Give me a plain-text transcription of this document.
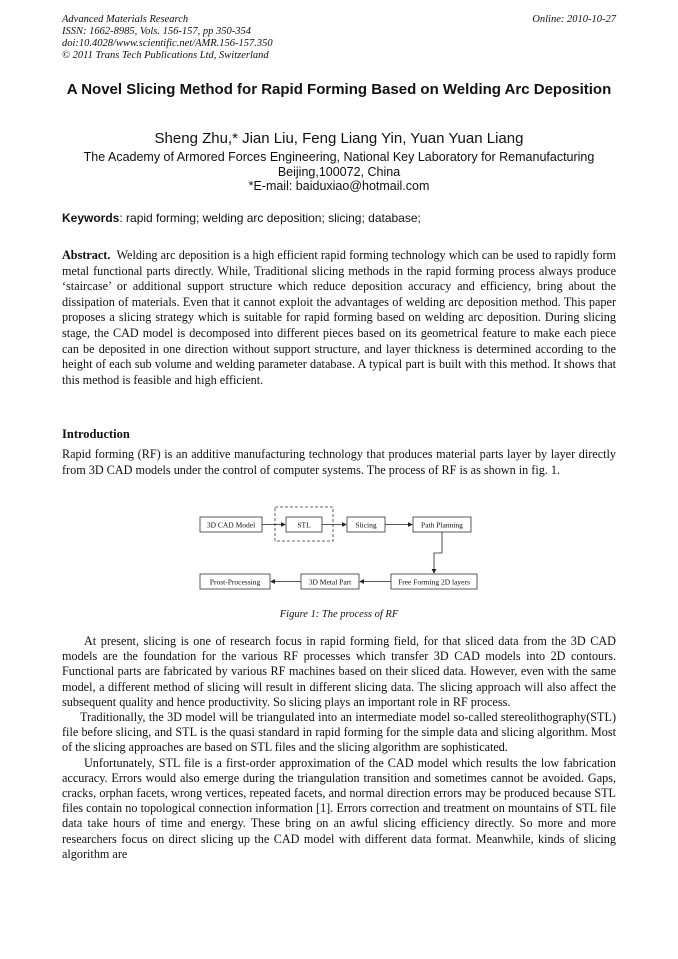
Advanced Materials Research
ISSN: 1662-8985, Vols. 156-157, pp 350-354
doi:10.4028/www.scientific.net/AMR.156-157.350
© 2011 Trans Tech Publications Ltd, Switzerland
Online: 2010-10-27
A Novel Slicing Method for Rapid Forming Based on Welding Arc Deposition
Sheng Zhu,* Jian Liu, Feng Liang Yin, Yuan Yuan Liang
The Academy of Armored Forces Engineering, National Key Laboratory for Remanufacturing
Beijing,100072, China
*E-mail: baiduxiao@hotmail.com
Keywords: rapid forming; welding arc deposition; slicing; database;
Abstract. Welding arc deposition is a high efficient rapid forming technology which can be used to rapidly form metal functional parts directly. While, Traditional slicing methods in the rapid forming process always produce ‘staircase’ or additional support structure which reduce deposition accuracy and efficiency, bring about the dissipation of materials. Even that it cannot exploit the advantages of welding arc deposition method. This paper proposes a slicing strategy which is suitable for rapid forming based on welding arc deposition. During slicing stage, the CAD model is decomposed into different pieces based on its geometrical feature to make each piece can be deposited in one direction without support structure, and layer thickness is determined according to the height of each sub volume and welding parameter database. A typical part is built with this method. It shows that this method is feasible and high efficient.
Introduction
Rapid forming (RF) is an additive manufacturing technology that produces material parts layer by layer directly from 3D CAD models under the control of computer systems. The process of RF is as shown in fig. 1.
3D CAD Model	STL	Slicing	Path Planning
Free Forming 2D layers
3D Metal Part
Prost-Processing
Figure 1: The process of RF

At present, slicing is one of research focus in rapid forming field, for that sliced data from the 3D CAD models are the foundation for the various RF processes which transfer 3D CAD models into 2D contours. Functional parts are fabricated by various RF machines based on their sliced data. However, even with the same model, a different method of slicing will result in different slicing data. The slicing approach will also affect the subsequent quality and hence productivity. So slicing plays an important role in RF process.

Traditionally, the 3D model will be triangulated into an intermediate model so-called stereolithography(STL) file before slicing, and STL is the quasi standard in rapid forming for the simple data and slicing algorithm. Most of the slicing approaches are based on STL files and the slicing algorithm are sophisticated.

Unfortunately, STL file is a first-order approximation of the CAD model which results the low fabrication accuracy. Errors would also emerge during the triangulation transition and sometimes cannot be avoided. Gaps, cracks, orphan facets, wrong vertices, repeated facets, and normal direction errors may be produced because STL files contain no topological connection information [1]. Errors correction and treatment on mountains of STL file data take hours of time and energy. These bring on an awful slicing efficiency directly. So more and more researchers focus on direct slicing up the CAD model with different data format. Meanwhile, kinds of slicing algorithm are
